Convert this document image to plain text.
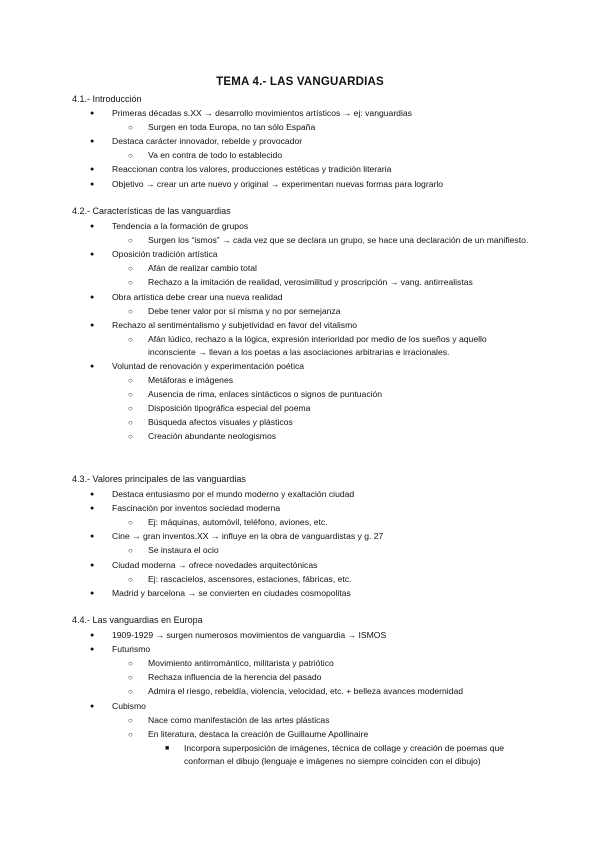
TEMA 4.- LAS VANGUARDIAS
4.1.- Introducción
● Primeras décadas s.XX → desarrollo movimientos artísticos → ej: vanguardias
○ Surgen en toda Europa, no tan sólo España
● Destaca carácter innovador, rebelde y provocador
○ Va en contra de todo lo establecido
● Reaccionan contra los valores, producciones estéticas y tradición literaria
● Objetivo → crear un arte nuevo y original → experimentan nuevas formas para lograrlo
4.2.- Características de las vanguardias
● Tendencia a la formación de grupos
○ Surgen los “ismos” → cada vez que se declara un grupo, se hace una declaración de un manifiesto.
● Oposición tradición artística
○ Afán de realizar cambio total
○ Rechazo a la imitación de realidad, verosimilitud y proscripción → vang. antirrealistas
● Obra artística debe crear una nueva realidad
○ Debe tener valor por sí misma y no por semejanza
● Rechazo al sentimentalismo y subjetividad en favor del vitalismo
○ Afán lúdico, rechazo a la lógica, expresión interioridad por medio de los sueños y aquello inconsciente → llevan a los poetas a las asociaciones arbitrarias e irracionales.
● Voluntad de renovación y experimentación poética
○ Metáforas e imágenes
○ Ausencia de rima, enlaces sintácticos o signos de puntuación
○ Disposición tipográfica especial del poema
○ Búsqueda afectos visuales y plásticos
○ Creación abundante neologismos
4.3.- Valores principales de las vanguardias
● Destaca entusiasmo por el mundo moderno y exaltación ciudad
● Fascinación por inventos sociedad moderna
○ Ej: máquinas, automóvil, teléfono, aviones, etc.
● Cine → gran inventos.XX → influye en la obra de vanguardistas y g. 27
○ Se instaura el ocio
● Ciudad moderna → ofrece novedades arquitectónicas
○ Ej: rascacielos, ascensores, estaciones, fábricas, etc.
● Madrid y barcelona → se convierten en ciudades cosmopolitas
4.4.- Las vanguardias en Europa
● 1909-1929 → surgen numerosos movimientos de vanguardia → ISMOS
● Futurismo
○ Movimiento antirromántico, militarista y patriótico
○ Rechaza influencia de la herencia del pasado
○ Admira el riesgo, rebeldía, violencia, velocidad, etc. + belleza avances modernidad
● Cubismo
○ Nace como manifestación de las artes plásticas
○ En literatura, destaca la creación de Guillaume Apollinaire
■ Incorpora superposición de imágenes, técnica de collage y creación de poemas que conforman el dibujo (lenguaje e imágenes no siempre coinciden con el dibujo)
